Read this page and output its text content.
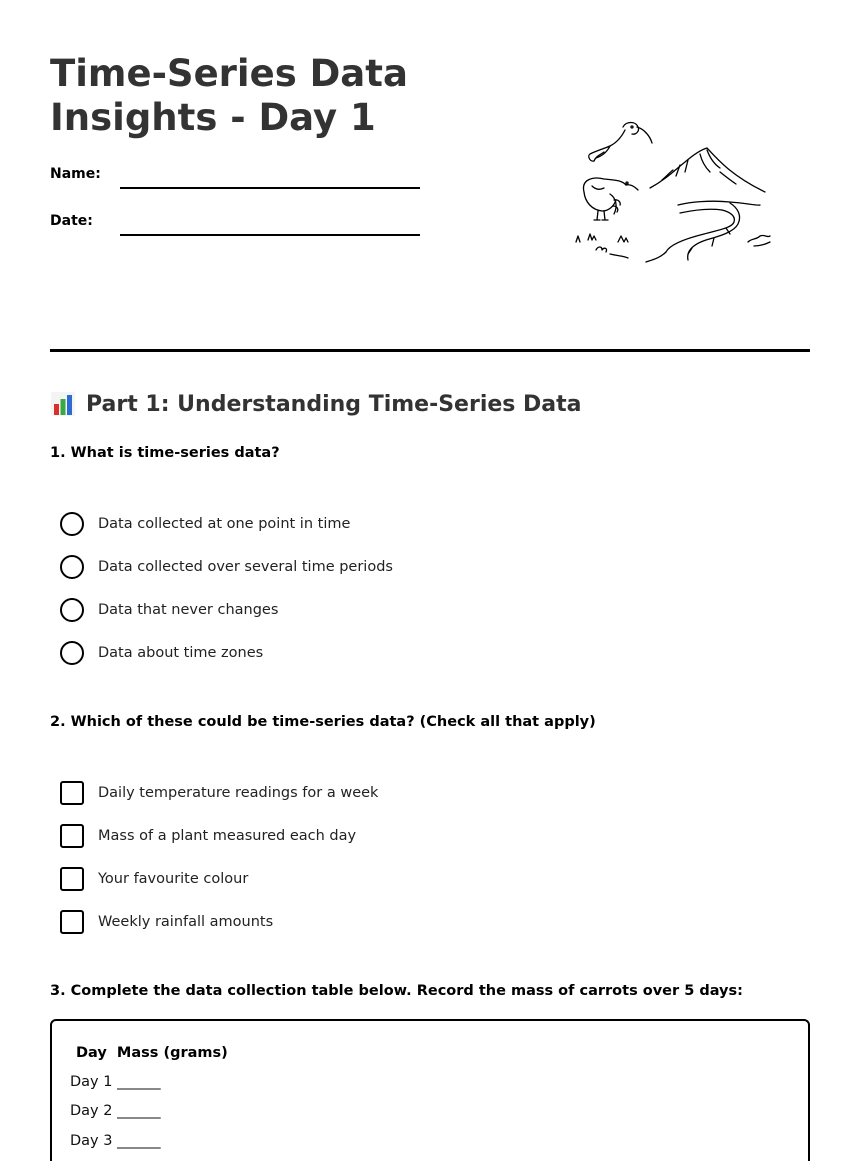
Time-Series Data Insights - Day 1
Name:
Date:
Part 1: Understanding Time-Series Data
1. What is time-series data?
Data collected at one point in time
Data collected over several time periods
Data that never changes
Data about time zones
2. Which of these could be time-series data? (Check all that apply)
Daily temperature readings for a week
Mass of a plant measured each day
Your favourite colour
Weekly rainfall amounts
3. Complete the data collection table below. Record the mass of carrots over 5 days:
Day  Mass (grams)
Day 1 ______
Day 2 ______
Day 3 ______
